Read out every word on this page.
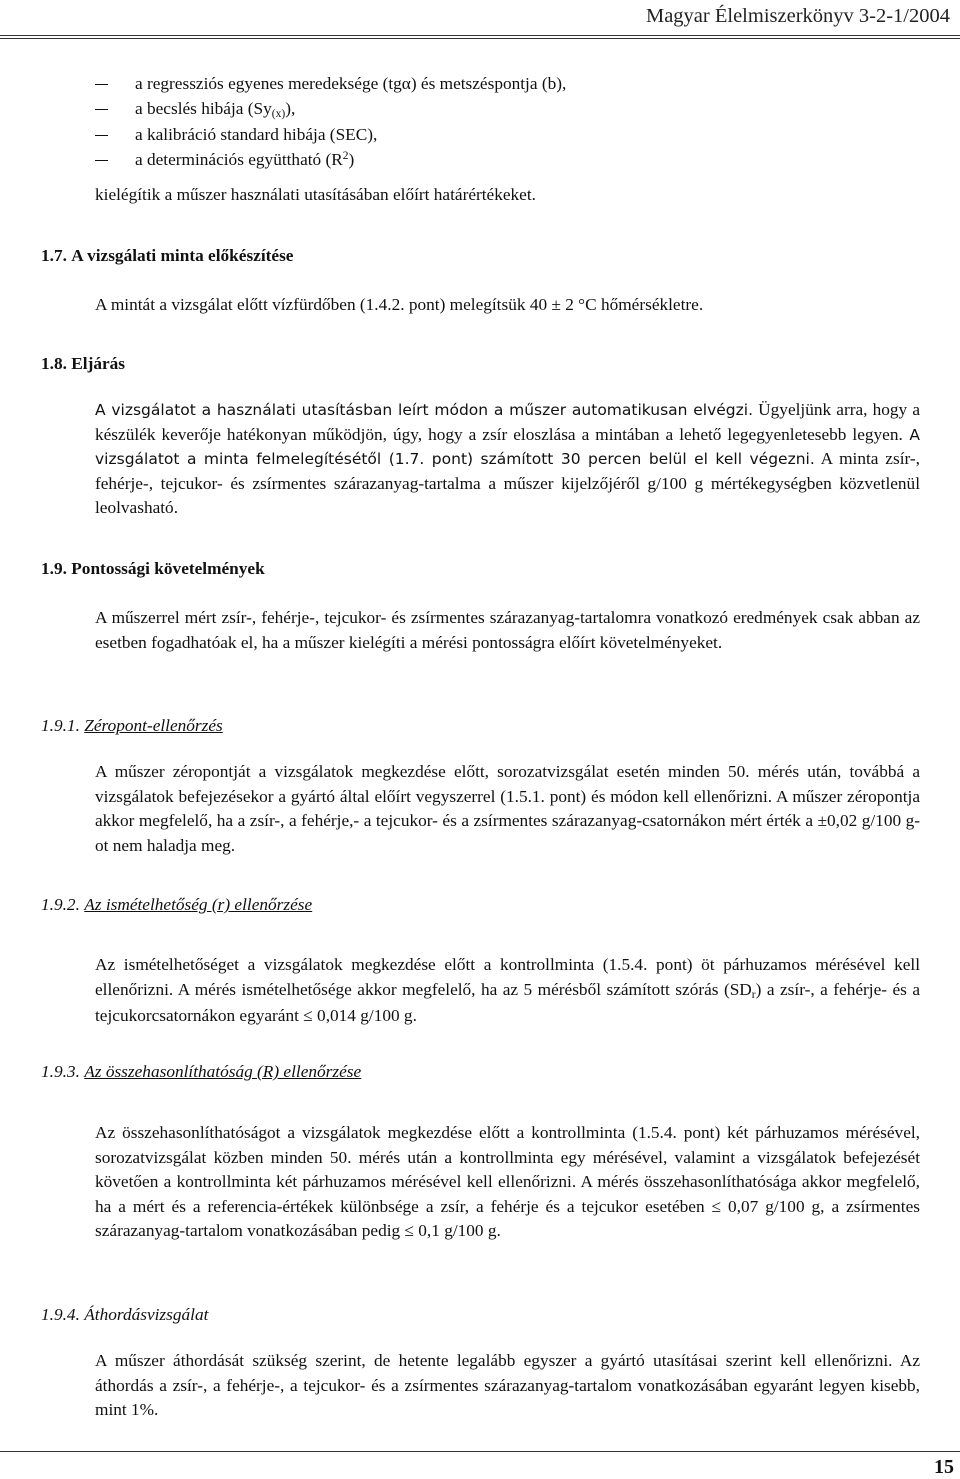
Magyar Élelmiszerkönyv 3-2-1/2004
a regressziós egyenes meredeksége (tgα) és metszéspontja (b),
a becslés hibája (Sy(x)),
a kalibráció standard hibája (SEC),
a determinációs együttható $(R^2)$
kielégítik a műszer használati utasításában előírt határértékeket.
1.7. A vizsgálati minta előkészítése
A mintát a vizsgálat előtt vízfürdőben (1.4.2. pont) melegítsük 40 ± 2 °C hőmérsékletre.
1.8. Eljárás

A vizsgálatot a használati utasításban leírt módon a műszer automatikusan elvégzi. Ügyeljünk arra, hogy a készülék keverője hatékonyan működjön, úgy, hogy a zsír eloszlása a mintában a lehető legegyenletesebb legyen. A vizsgálatot a minta felmelegítésétől (1.7. pont) számított 30 percen belül el kell végezni. A minta zsír-, fehérje-, tejcukor- és zsírmentes szárazanyag-tartalma a műszer kijelzőjéről g/100 g mértékegységben közvetlenül leolvasható.

1.9. Pontossági követelmények

A műszerrel mért zsír-, fehérje-, tejcukor- és zsírmentes szárazanyag-tartalomra vonatkozó eredmények csak abban az esetben fogadhatóak el, ha a műszer kielégíti a mérési pontosságra előírt követelményeket.

1.9.1. Zéropont-ellenőrzés

A műszer zéropontját a vizsgálatok megkezdése előtt, sorozatvizsgálat esetén minden 50. mérés után, továbbá a vizsgálatok befejezésekor a gyártó által előírt vegyszerrel (1.5.1. pont) és módon kell ellenőrizni. A műszer zéropontja akkor megfelelő, ha a zsír-, a fehérje,- a tejcukor- és a zsírmentes szárazanyag-csatornákon mért érték a ±0,02 g/100 g-ot nem haladja meg.

1.9.2. Az ismételhetőség (r) ellenőrzése

Az ismételhetőséget a vizsgálatok megkezdése előtt a kontrollminta (1.5.4. pont) öt párhuzamos mérésével kell ellenőrizni. A mérés ismételhetősége akkor megfelelő, ha az 5 mérésből számított szórás (SDr) a zsír-, a fehérje- és a tejcukorcsatornákon egyaránt ≤ 0,014 g/100 g.

1.9.3. Az összehasonlíthatóság (R) ellenőrzése

Az összehasonlíthatóságot a vizsgálatok megkezdése előtt a kontrollminta (1.5.4. pont) két párhuzamos mérésével, sorozatvizsgálat közben minden 50. mérés után a kontrollminta egy mérésével, valamint a vizsgálatok befejezését követően a kontrollminta két párhuzamos mérésével kell ellenőrizni. A mérés összehasonlíthatósága akkor megfelelő, ha a mért és a referencia-értékek különbsége a zsír, a fehérje és a tejcukor esetében ≤ 0,07 g/100 g, a zsírmentes szárazanyag-tartalom vonatkozásában pedig ≤ 0,1 g/100 g.

1.9.4. Áthordásvizsgálat

A műszer áthordását szükség szerint, de hetente legalább egyszer a gyártó utasításai szerint kell ellenőrizni. Az áthordás a zsír-, a fehérje-, a tejcukor- és a zsírmentes szárazanyag-tartalom vonatkozásában egyaránt legyen kisebb, mint 1%.

15
